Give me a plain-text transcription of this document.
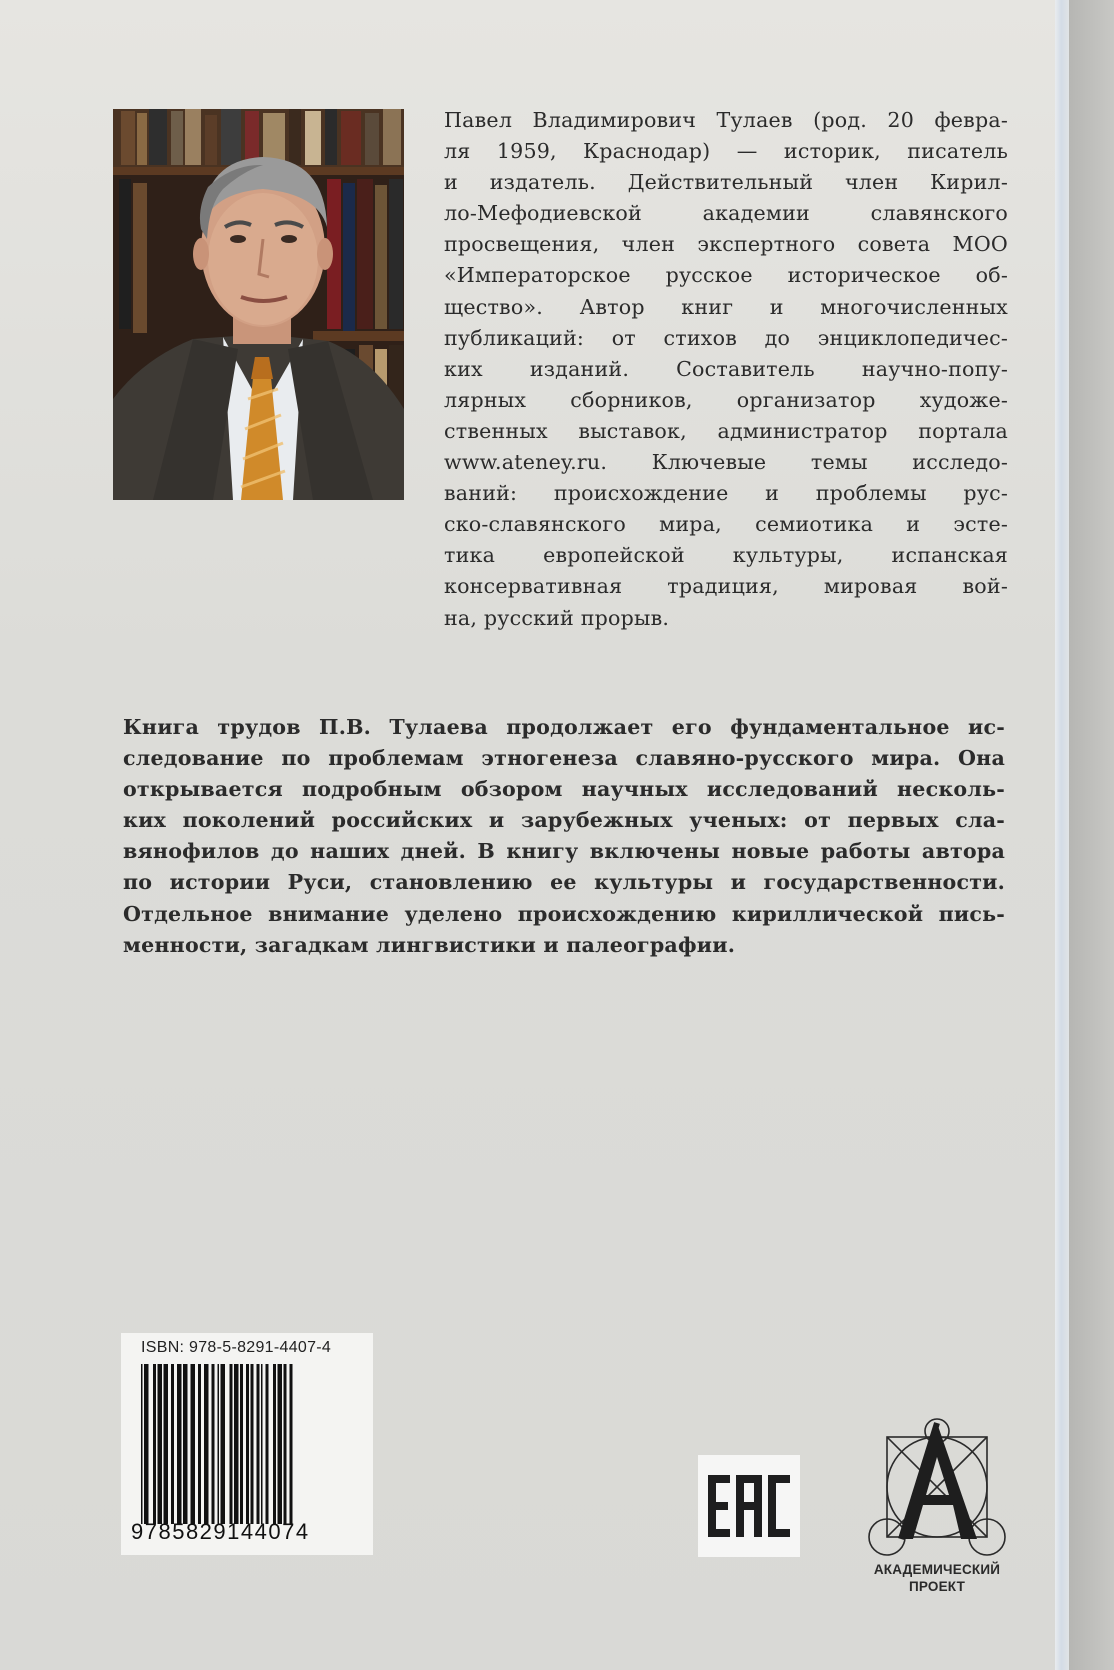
Павел Владимирович Тулаев (род. 20 февра-
ля 1959, Краснодар) — историк, писатель
и издатель. Действительный член Кирил-
ло-Мефодиевской академии славянского
просвещения, член экспертного совета МОО
«Императорское русское историческое об-
щество». Автор книг и многочисленных
публикаций: от стихов до энциклопедичес-
ких изданий. Составитель научно-попу-
лярных сборников, организатор художе-
ственных выставок, администратор портала
www.ateney.ru. Ключевые темы исследо-
ваний: происхождение и проблемы рус-
ско-славянского мира, семиотика и эсте-
тика европейской культуры, испанская
консервативная традиция, мировая вой-
на, русский прорыв.
Книга трудов П.В. Тулаева продолжает его фундаментальное ис-
следование по проблемам этногенеза славяно-русского мира. Она
открывается подробным обзором научных исследований несколь-
ких поколений российских и зарубежных ученых: от первых сла-
вянофилов до наших дней. В книгу включены новые работы автора
по истории Руси, становлению ее культуры и государственности.
Отдельное внимание уделено происхождению кириллической пись-
менности, загадкам лингвистики и палеографии.
ISBN: 978-5-8291-4407-4
9785829144074
АКАДЕМИЧЕСКИЙ
ПРОЕКТ
